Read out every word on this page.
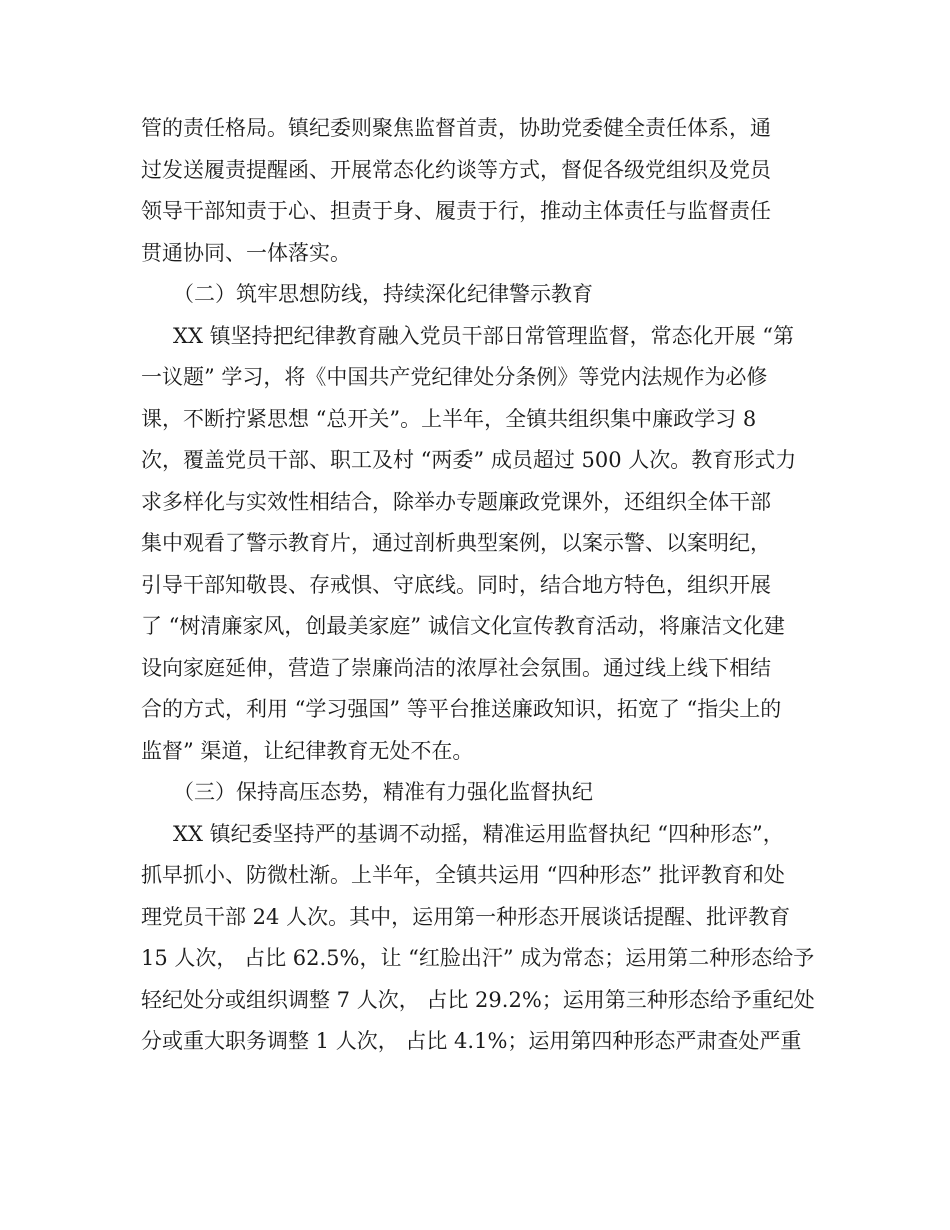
管的责任格局。镇纪委则聚焦监督首责，协助党委健全责任体系，通
过发送履责提醒函、开展常态化约谈等方式，督促各级党组织及党员
领导干部知责于心、担责于身、履责于行，推动主体责任与监督责任
贯通协同、一体落实。

（二）筑牢思想防线，持续深化纪律警示教育

XX 镇坚持把纪律教育融入党员干部日常管理监督，常态化开展 “第
一议题” 学习，将《中国共产党纪律处分条例》等党内法规作为必修
课，不断拧紧思想 “总开关”。上半年，全镇共组织集中廉政学习 8
次，覆盖党员干部、职工及村 “两委” 成员超过 500 人次。教育形式力
求多样化与实效性相结合，除举办专题廉政党课外，还组织全体干部
集中观看了警示教育片，通过剖析典型案例，以案示警、以案明纪，
引导干部知敬畏、存戒惧、守底线。同时，结合地方特色，组织开展
了 “树清廉家风，创最美家庭” 诚信文化宣传教育活动，将廉洁文化建
设向家庭延伸，营造了崇廉尚洁的浓厚社会氛围。通过线上线下相结
合的方式，利用 “学习强国” 等平台推送廉政知识，拓宽了 “指尖上的
监督” 渠道，让纪律教育无处不在。

（三）保持高压态势，精准有力强化监督执纪

XX 镇纪委坚持严的基调不动摇，精准运用监督执纪 “四种形态”，
抓早抓小、防微杜渐。上半年，全镇共运用 “四种形态” 批评教育和处
理党员干部 24 人次。其中，运用第一种形态开展谈话提醒、批评教育
15 人次， 占比 62.5%，让 “红脸出汗” 成为常态；运用第二种形态给予
轻纪处分或组织调整 7 人次， 占比 29.2%；运用第三种形态给予重纪处
分或重大职务调整 1 人次， 占比 4.1%；运用第四种形态严肃查处严重
